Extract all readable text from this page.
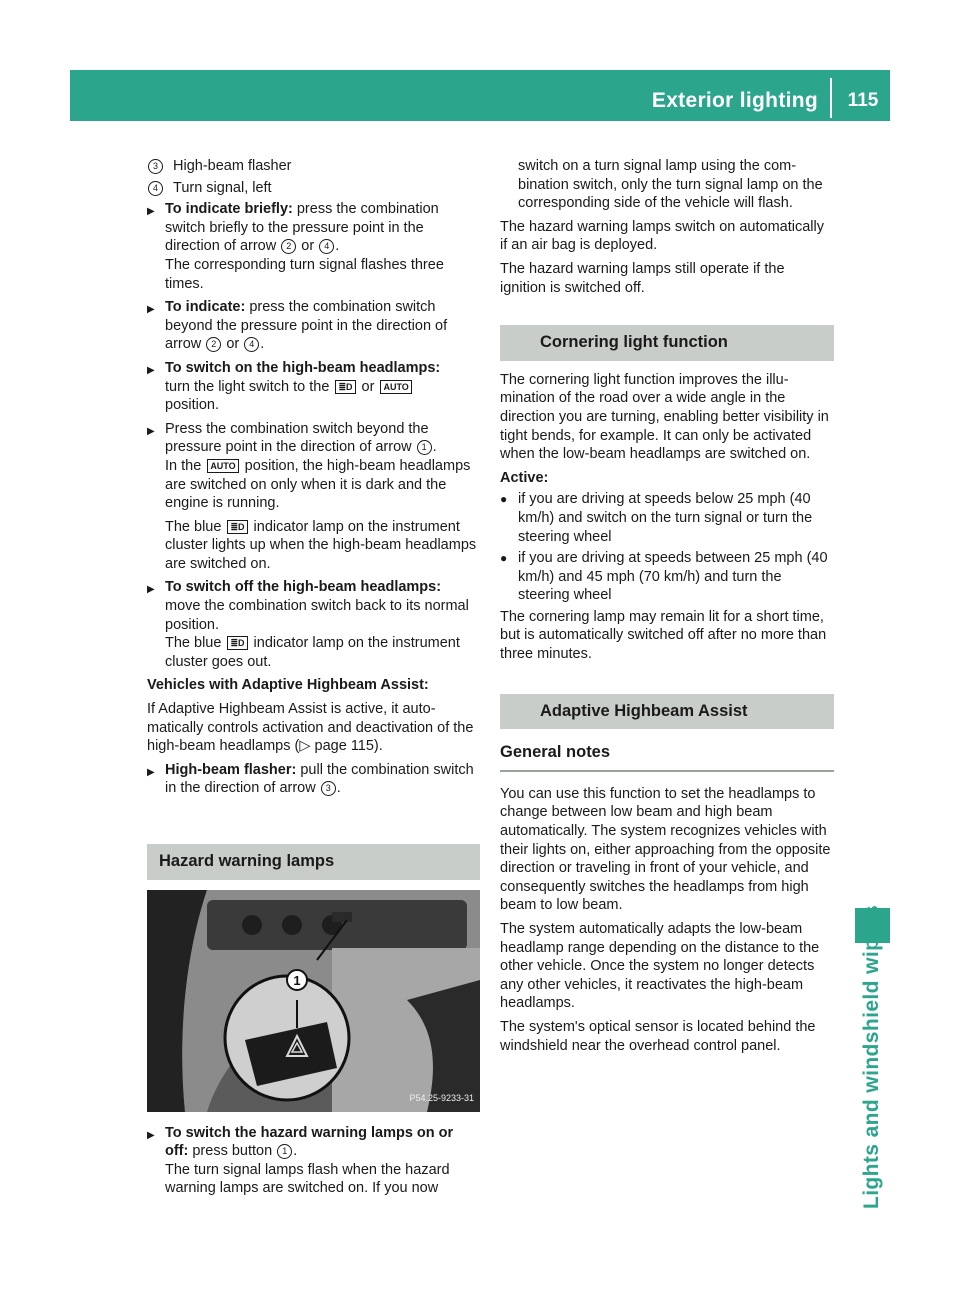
Exterior lighting	115
Lights and windshield wipers
3	High-beam flasher
4	Turn signal, left
▶ To indicate briefly: press the combination switch briefly to the pressure point in the direction of arrow 2 or 4 .
The corresponding turn signal flashes three times.
▶ To indicate: press the combination switch beyond the pressure point in the direction of arrow 2 or 4 .
▶ To switch on the high-beam headlamps:
turn the light switch to the ≣D or AUTO
position.
▶ Press the combination switch beyond the pressure point in the direction of arrow 1 .
In the AUTO position, the high-beam headlamps are switched on only when it is dark and the engine is running.
The blue ≣D indicator lamp on the instrument cluster lights up when the high-beam headlamps are switched on.
▶ To switch off the high-beam headlamps:
move the combination switch back to its normal position.
The blue ≣D indicator lamp on the instrument cluster goes out.
Vehicles with Adaptive Highbeam Assist:
If Adaptive Highbeam Assist is active, it automatically controls activation and deactivation of the high-beam headlamps (▷ page 115).
▶ High-beam flasher: pull the combination switch in the direction of arrow 3 .
Hazard warning lamps
1
P54.25-9233-31
▶ To switch the hazard warning lamps on or off: press button 1 .
The turn signal lamps flash when the hazard warning lamps are switched on. If you now
switch on a turn signal lamp using the combination switch, only the turn signal lamp on the corresponding side of the vehicle will flash.
The hazard warning lamps switch on automatically if an air bag is deployed.
The hazard warning lamps still operate if the ignition is switched off.
Cornering light function
The cornering light function improves the illumination of the road over a wide angle in the direction you are turning, enabling better visibility in tight bends, for example. It can only be activated when the low-beam headlamps are switched on.
Active:
● if you are driving at speeds below 25 mph (40 km/h) and switch on the turn signal or turn the steering wheel
● if you are driving at speeds between 25 mph (40 km/h) and 45 mph (70 km/h) and turn the steering wheel
The cornering lamp may remain lit for a short time, but is automatically switched off after no more than three minutes.
Adaptive Highbeam Assist
General notes
You can use this function to set the headlamps to change between low beam and high beam automatically. The system recognizes vehicles with their lights on, either approaching from the opposite direction or traveling in front of your vehicle, and consequently switches the headlamps from high beam to low beam.
The system automatically adapts the low-beam headlamp range depending on the distance to the other vehicle. Once the system no longer detects any other vehicles, it reactivates the high-beam headlamps.
The system's optical sensor is located behind the windshield near the overhead control panel.
